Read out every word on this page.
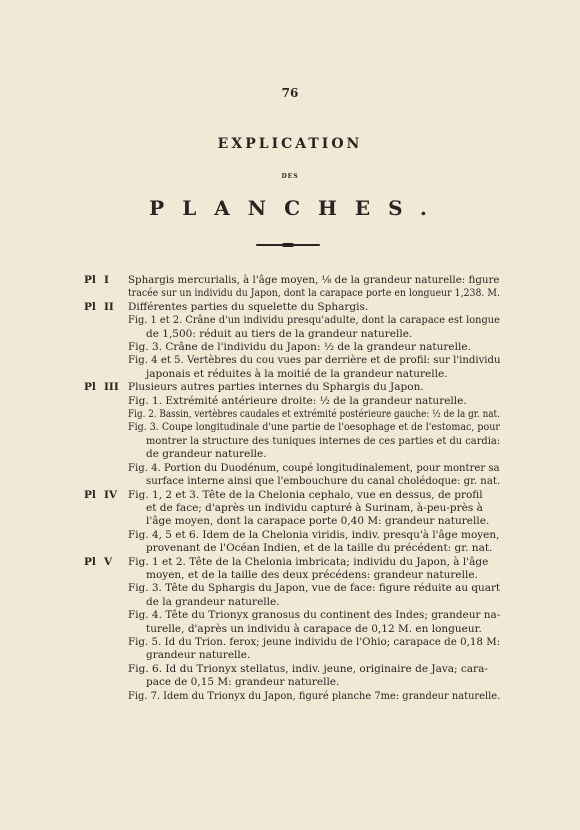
76
EXPLICATION
DES
PLANCHES.
Pl I Sphargis mercurialis, à l'âge moyen, ⅛ de la grandeur naturelle: figure
tracée sur un individu du Japon, dont la carapace porte en longueur 1,238. M.
Pl II Différentes parties du squelette du Sphargis.
Fig. 1 et 2. Crâne d'un individu presqu'adulte, dont la carapace est longue
de 1,500: réduit au tiers de la grandeur naturelle.
Fig. 3. Crâne de l'individu du Japon: ½ de la grandeur naturelle.
Fig. 4 et 5. Vertèbres du cou vues par derrière et de profil: sur l'individu
japonais et réduites à la moitié de la grandeur naturelle.
Pl III Plusieurs autres parties internes du Sphargis du Japon.
Fig. 1. Extrémité antérieure droite: ½ de la grandeur naturelle.
Fig. 2. Bassin, vertèbres caudales et extrémité postérieure gauche: ½ de la gr. nat.
Fig. 3. Coupe longitudinale d'une partie de l'oesophage et de l'estomac, pour
montrer la structure des tuniques internes de ces parties et du cardia:
de grandeur naturelle.
Fig. 4. Portion du Duodénum, coupé longitudinalement, pour montrer sa
surface interne ainsi que l'embouchure du canal cholédoque: gr. nat.
Pl IV Fig. 1, 2 et 3. Tête de la Chelonia cephalo, vue en dessus, de profil
et de face; d'après un individu capturé à Surinam, à-peu-près à
l'âge moyen, dont la carapace porte 0,40 M: grandeur naturelle.
Fig. 4, 5 et 6. Idem de la Chelonia viridis, indiv. presqu'à l'âge moyen,
provenant de l'Océan Indien, et de la taille du précédent: gr. nat.
Pl V Fig. 1 et 2. Tête de la Chelonia imbricata; individu du Japon, à l'âge
moyen, et de la taille des deux précédens: grandeur naturelle.
Fig. 3. Tête du Sphargis du Japon, vue de face: figure réduite au quart
de la grandeur naturelle.
Fig. 4. Tête du Trionyx granosus du continent des Indes; grandeur na-
turelle, d'après un individu à carapace de 0,12 M. en longueur.
Fig. 5. Id du Trion. ferox; jeune individu de l'Ohio; carapace de 0,18 M:
grandeur naturelle.
Fig. 6. Id du Trionyx stellatus, indiv. jeune, originaire de Java; cara-
pace de 0,15 M: grandeur naturelle.
Fig. 7. Idem du Trionyx du Japon, figuré planche 7me: grandeur naturelle.
